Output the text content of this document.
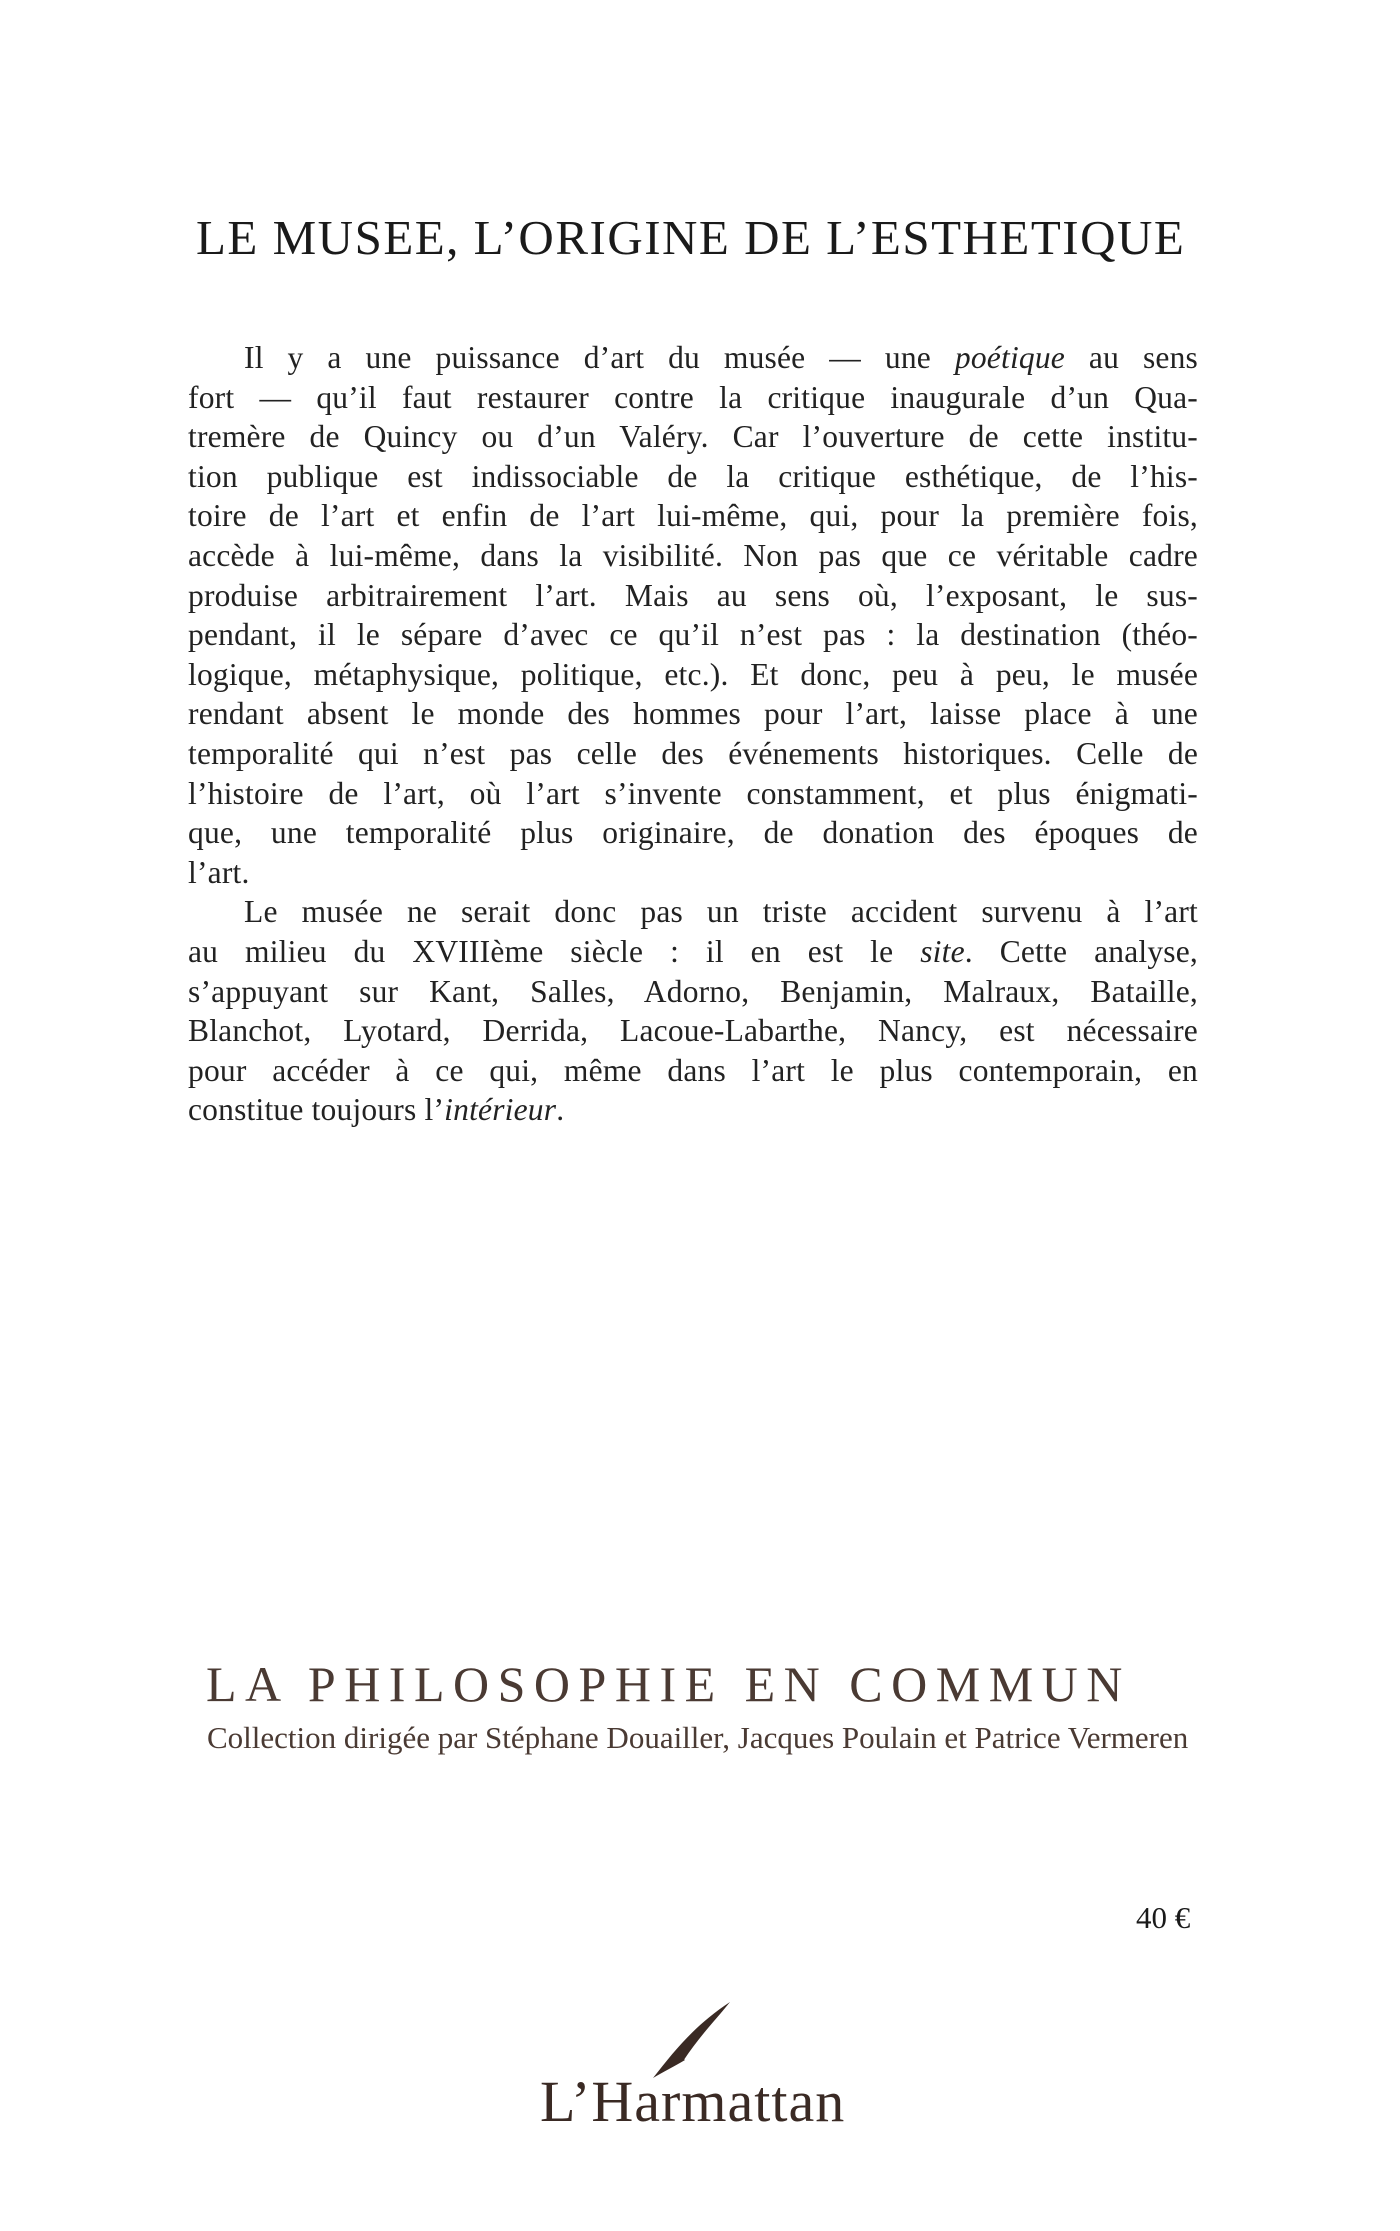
LE MUSEE, L’ORIGINE DE L’ESTHETIQUE

Il y a une puissance d’art du musée — une poétique au sens
fort — qu’il faut restaurer contre la critique inaugurale d’un Qua-
tremère de Quincy ou d’un Valéry. Car l’ouverture de cette institu-
tion publique est indissociable de la critique esthétique, de l’his-
toire de l’art et enfin de l’art lui-même, qui, pour la première fois,
accède à lui-même, dans la visibilité. Non pas que ce véritable cadre
produise arbitrairement l’art. Mais au sens où, l’exposant, le sus-
pendant, il le sépare d’avec ce qu’il n’est pas : la destination (théo-
logique, métaphysique, politique, etc.). Et donc, peu à peu, le musée
rendant absent le monde des hommes pour l’art, laisse place à une
temporalité qui n’est pas celle des événements historiques. Celle de
l’histoire de l’art, où l’art s’invente constamment, et plus énigmati-
que, une temporalité plus originaire, de donation des époques de
l’art.

Le musée ne serait donc pas un triste accident survenu à l’art
au milieu du XVIIIème siècle : il en est le site. Cette analyse,
s’appuyant sur Kant, Salles, Adorno, Benjamin, Malraux, Bataille,
Blanchot, Lyotard, Derrida, Lacoue-Labarthe, Nancy, est nécessaire
pour accéder à ce qui, même dans l’art le plus contemporain, en
constitue toujours l’intérieur.

LA PHILOSOPHIE EN COMMUN
Collection dirigée par Stéphane Douailler, Jacques Poulain et Patrice Vermeren
40 €
L’Harmattan
